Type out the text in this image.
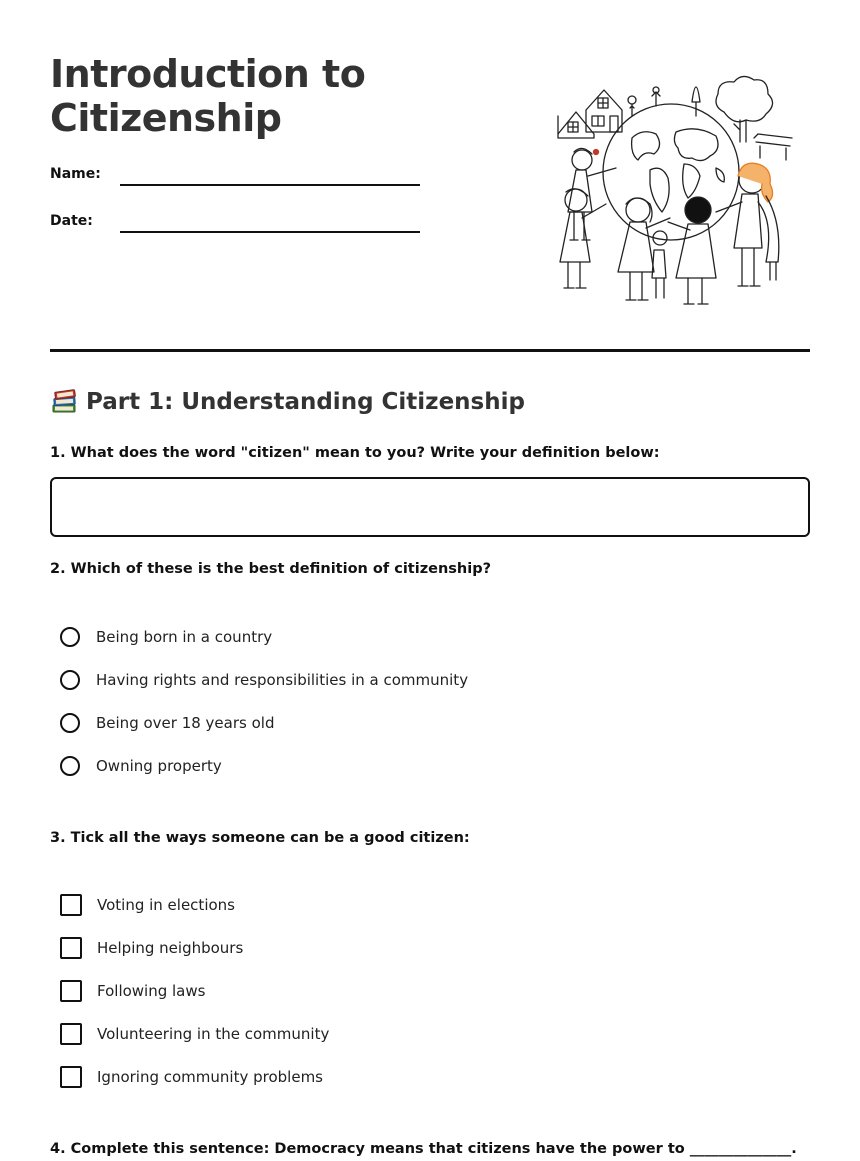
Introduction to Citizenship
Name:
Date:
Part 1: Understanding Citizenship

1. What does the word "citizen" mean to you? Write your definition below:

2. Which of these is the best definition of citizenship?

Being born in a country
Having rights and responsibilities in a community
Being over 18 years old
Owning property

3. Tick all the ways someone can be a good citizen:

Voting in elections
Helping neighbours
Following laws
Volunteering in the community
Ignoring community problems

4. Complete this sentence: Democracy means that citizens have the power to ______________.
